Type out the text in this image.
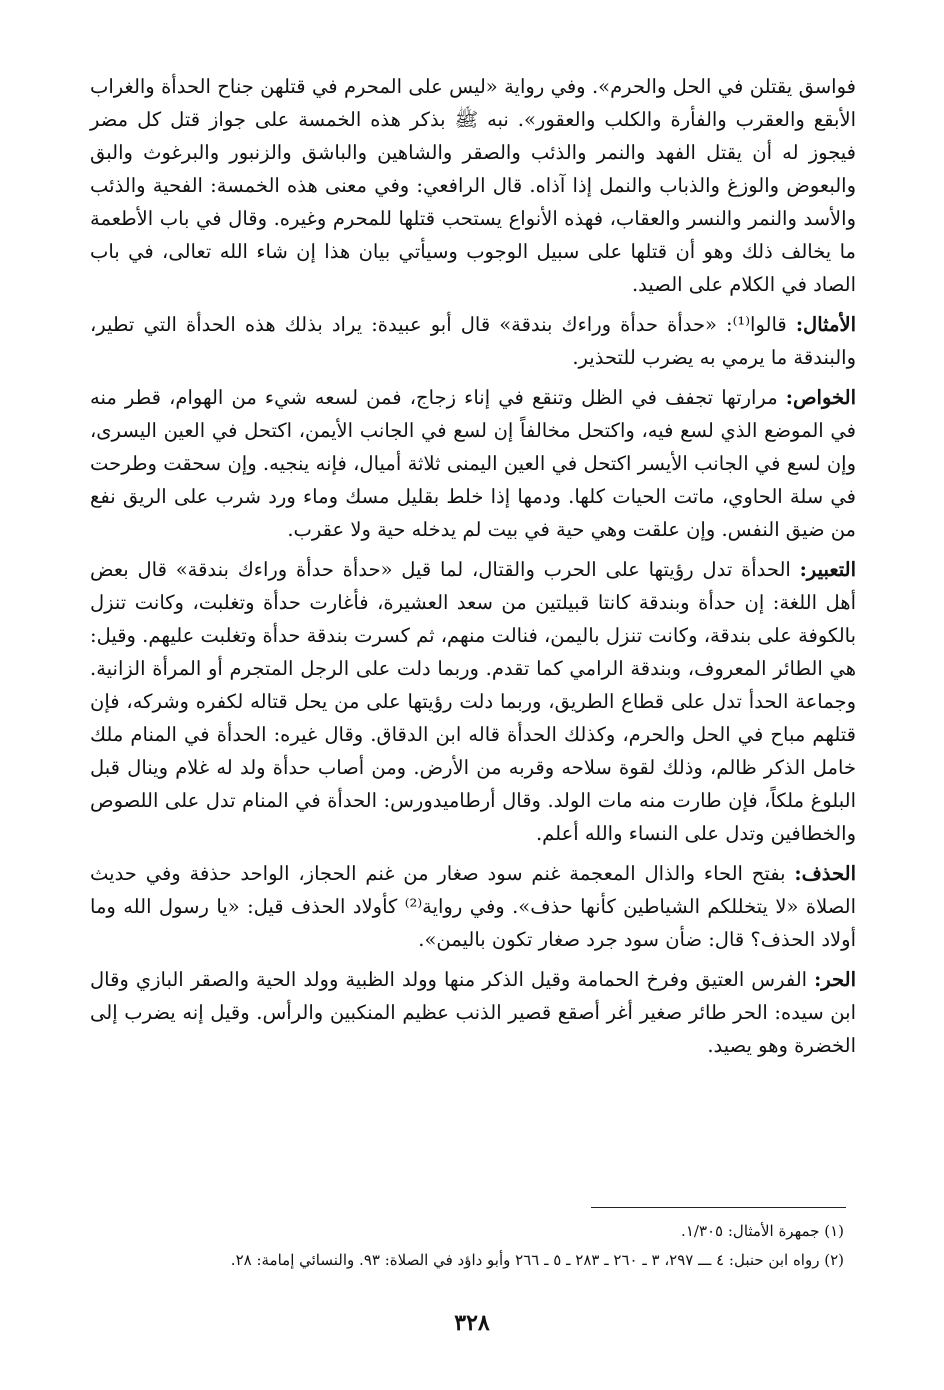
فواسق يقتلن في الحل والحرم». وفي رواية «ليس على المحرم في قتلهن جناح الحدأة والغراب الأبقع والعقرب والفأرة والكلب والعقور». نبه ﷺ بذكر هذه الخمسة على جواز قتل كل مضر فيجوز له أن يقتل الفهد والنمر والذئب والصقر والشاهين والباشق والزنبور والبرغوث والبق والبعوض والوزغ والذباب والنمل إذا آذاه. قال الرافعي: وفي معنى هذه الخمسة: الفحية والذئب والأسد والنمر والنسر والعقاب، فهذه الأنواع يستحب قتلها للمحرم وغيره. وقال في باب الأطعمة ما يخالف ذلك وهو أن قتلها على سبيل الوجوب وسيأتي بيان هذا إن شاء الله تعالى، في باب الصاد في الكلام على الصيد.

الأمثال: قالوا⁽¹⁾: «حدأة حدأة وراءك بندقة» قال أبو عبيدة: يراد بذلك هذه الحدأة التي تطير، والبندقة ما يرمي به يضرب للتحذير.

الخواص: مرارتها تجفف في الظل وتنقع في إناء زجاج، فمن لسعه شيء من الهوام، قطر منه في الموضع الذي لسع فيه، واكتحل مخالفاً إن لسع في الجانب الأيمن، اكتحل في العين اليسرى، وإن لسع في الجانب الأيسر اكتحل في العين اليمنى ثلاثة أميال، فإنه ينجيه. وإن سحقت وطرحت في سلة الحاوي، ماتت الحيات كلها. ودمها إذا خلط بقليل مسك وماء ورد شرب على الريق نفع من ضيق النفس. وإن علقت وهي حية في بيت لم يدخله حية ولا عقرب.

التعبير: الحدأة تدل رؤيتها على الحرب والقتال، لما قيل «حدأة حدأة وراءك بندقة» قال بعض أهل اللغة: إن حدأة وبندقة كانتا قبيلتين من سعد العشيرة، فأغارت حدأة وتغلبت، وكانت تنزل بالكوفة على بندقة، وكانت تنزل باليمن، فنالت منهم، ثم كسرت بندقة حدأة وتغلبت عليهم. وقيل: هي الطائر المعروف، وبندقة الرامي كما تقدم. وربما دلت على الرجل المتجرم أو المرأة الزانية. وجماعة الحدأ تدل على قطاع الطريق، وربما دلت رؤيتها على من يحل قتاله لكفره وشركه، فإن قتلهم مباح في الحل والحرم، وكذلك الحدأة قاله ابن الدقاق. وقال غيره: الحدأة في المنام ملك خامل الذكر ظالم، وذلك لقوة سلاحه وقربه من الأرض. ومن أصاب حدأة ولد له غلام وينال قبل البلوغ ملكاً، فإن طارت منه مات الولد. وقال أرطاميدورس: الحدأة في المنام تدل على اللصوص والخطافين وتدل على النساء والله أعلم.

الحذف: بفتح الحاء والذال المعجمة غنم سود صغار من غنم الحجاز، الواحد حذفة وفي حديث الصلاة «لا يتخللكم الشياطين كأنها حذف». وفي رواية⁽²⁾ كأولاد الحذف قيل: «يا رسول الله وما أولاد الحذف؟ قال: ضأن سود جرد صغار تكون باليمن».

الحر: الفرس العتيق وفرخ الحمامة وقيل الذكر منها وولد الظبية وولد الحية والصقر البازي وقال ابن سيده: الحر طائر صغير أغر أصقع قصير الذنب عظيم المنكبين والرأس. وقيل إنه يضرب إلى الخضرة وهو يصيد.

(١) جمهرة الأمثال: ١/٣٠٥.

(٢) رواه ابن حنبل: ٤ ـــ ٢٩٧، ٣ ـ ٢٦٠ ـ ٢٨٣ ـ ٥ ـ ٢٦٦ وأبو داؤد في الصلاة: ٩٣. والنسائي إمامة: ٢٨.

٣٢٨
